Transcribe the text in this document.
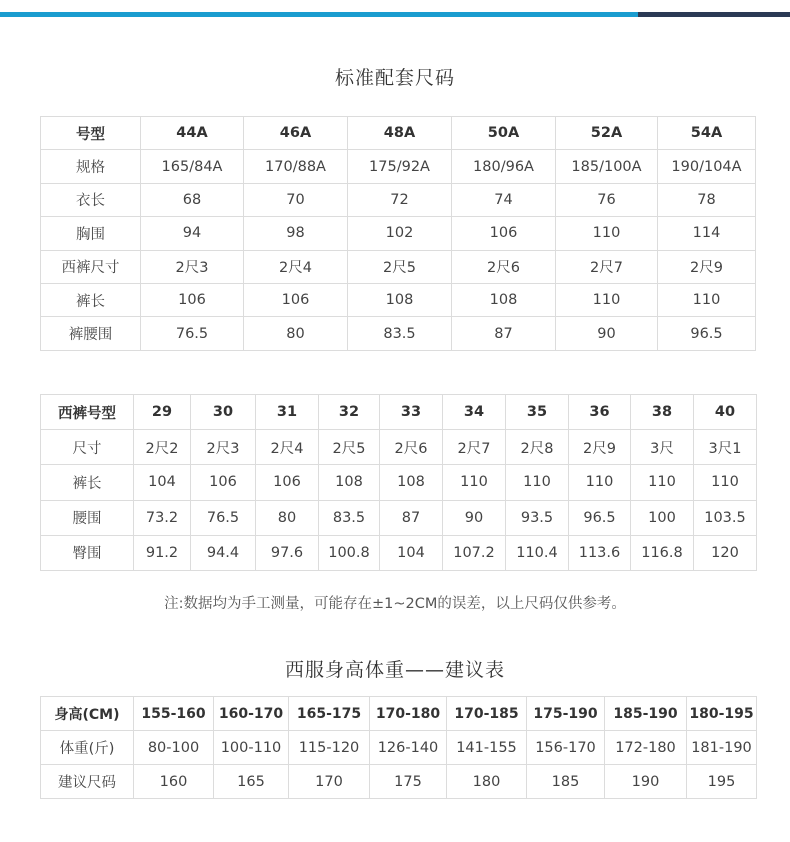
标准配套尺码
号型	44A	46A	48A	50A	52A	54A
规格	165/84A	170/88A	175/92A	180/96A	185/100A	190/104A
衣长	68	70	72	74	76	78
胸围	94	98	102	106	110	114
西裤尺寸	2尺3	2尺4	2尺5	2尺6	2尺7	2尺9
裤长	106	106	108	108	110	110
裤腰围	76.5	80	83.5	87	90	96.5
西裤号型	29	30	31	32	33	34	35	36	38	40
尺寸	2尺2	2尺3	2尺4	2尺5	2尺6	2尺7	2尺8	2尺9	3尺	3尺1
裤长	104	106	106	108	108	110	110	110	110	110
腰围	73.2	76.5	80	83.5	87	90	93.5	96.5	100	103.5
臀围	91.2	94.4	97.6	100.8	104	107.2	110.4	113.6	116.8	120
注:数据均为手工测量，可能存在±1~2CM的误差，以上尺码仅供参考。
西服身高体重——建议表
身高(CM)	155-160	160-170	165-175	170-180	170-185	175-190	185-190	180-195
体重(斤)	80-100	100-110	115-120	126-140	141-155	156-170	172-180	181-190
建议尺码	160	165	170	175	180	185	190	195
